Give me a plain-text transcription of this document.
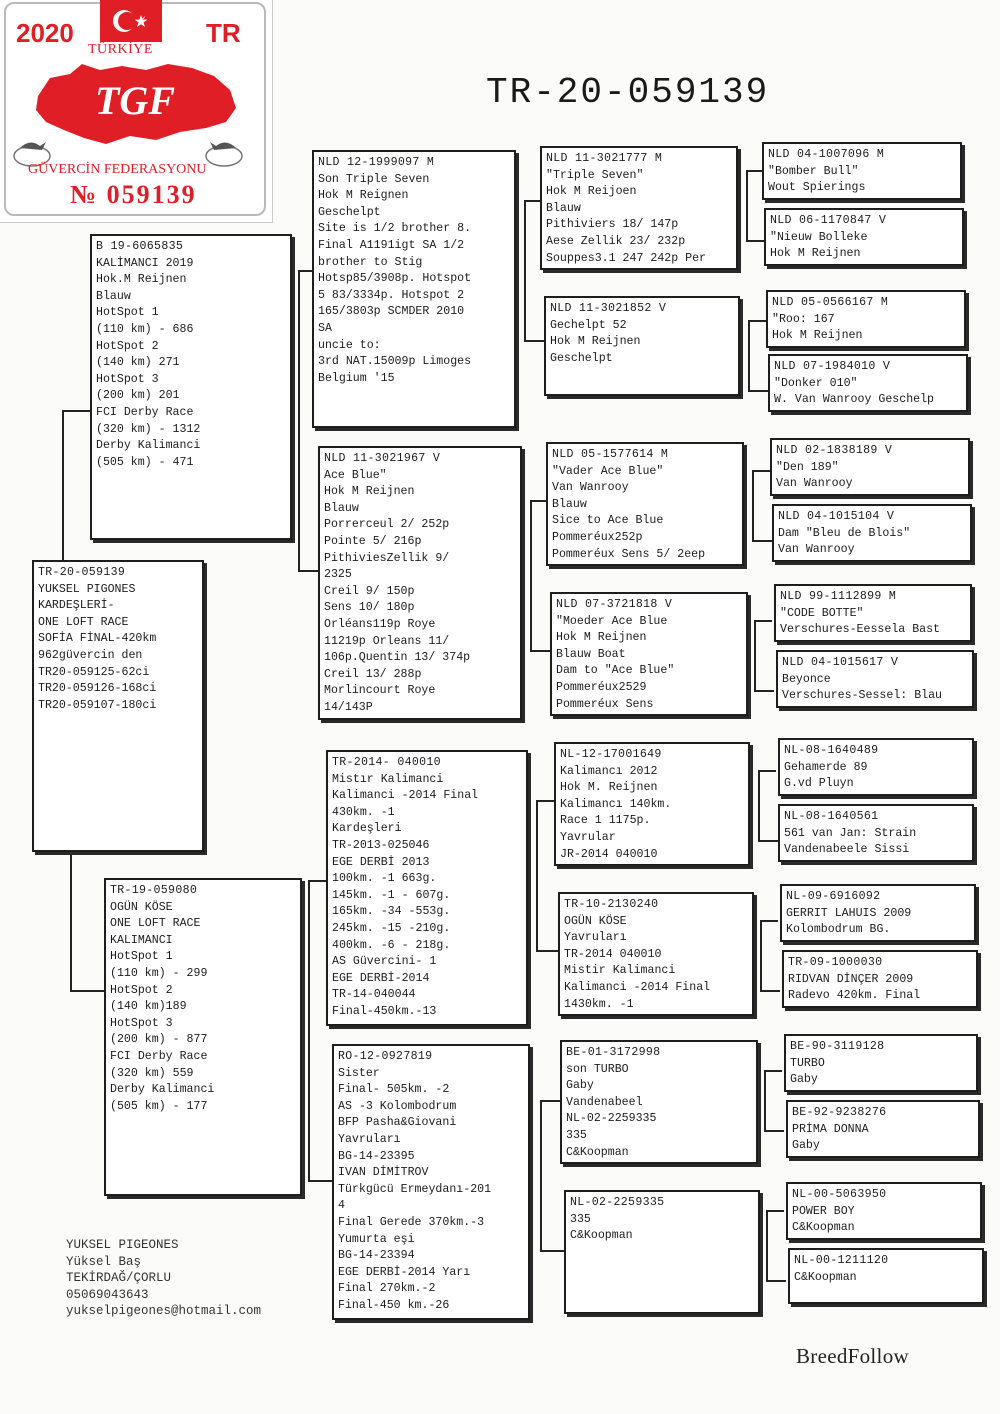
2020	TR
TÜRKİYE
TGF
GÜVERCİN FEDERASYONU
№ 059139
TR-20-059139
TR-20-059139
YUKSEL PIGONES
KARDEŞLERİ-
ONE LOFT RACE
SOFİA FİNAL-420km
962güvercin den
TR20-059125-62ci
TR20-059126-168ci
TR20-059107-180ci
B 19-6065835
KALİMANCI 2019
Hok.M Reijnen
Blauw
HotSpot 1
(110 km) - 686
HotSpot 2
(140 km) 271
HotSpot 3
(200 km) 201
FCI Derby Race
(320 km) - 1312
Derby Kalimanci
(505 km) - 471
TR-19-059080
OGÜN KÖSE
ONE LOFT RACE
KALIMANCI
HotSpot 1
(110 km) - 299
HotSpot 2
(140 km)189
HotSpot 3
(200 km) - 877
FCI Derby Race
(320 km) 559
Derby Kalimanci
(505 km) - 177
NLD 12-1999097 M
Son Triple Seven
Hok M Reignen
Geschelpt
Site is 1/2 brother 8.
Final A1191igt SA 1/2
brother to Stig
Hotsp85/3908p. Hotspot
5 83/3334p. Hotspot 2
165/3803p SCMDER 2010
SA
uncie to:
3rd NAT.15009p Limoges
Belgium '15
NLD 11-3021967 V
Ace Blue"
Hok M Reijnen
Blauw
Porrerceul 2/ 252p
Pointe 5/ 216p
PithiviesZellik 9/
2325
Creil 9/ 150p
Sens 10/ 180p
Orléans119p Roye
11219p Orleans 11/
106p.Quentin 13/ 374p
Creil 13/ 288p
Morlincourt Roye
14/143P
TR-2014- 040010
Mistır Kalimanci
Kalimanci -2014 Final
430km. -1
Kardeşleri
TR-2013-025046
EGE DERBİ 2013
100km. -1 663g.
145km. -1 - 607g.
165km. -34 -553g.
245km. -15 -210g.
400km. -6 - 218g.
AS Güvercini- 1
EGE DERBİ-2014
TR-14-040044
Final-450km.-13
RO-12-0927819
Sister
Final- 505km. -2
AS -3 Kolombodrum
BFP Pasha&Giovani
Yavruları
BG-14-23395
IVAN DİMİTROV
Türkgücü Ermeydanı-201
4
Final Gerede 370km.-3
Yumurta eşi
BG-14-23394
EGE DERBİ-2014 Yarı
Final 270km.-2
Final-450 km.-26
NLD 11-3021777 M
"Triple Seven"
Hok M Reijoen
Blauw
Pithiviers 18/ 147p
Aese Zellik 23/ 232p
Souppes3.1 247 242p Per
NLD 11-3021852 V
Gechelpt 52
Hok M Reijnen
Geschelpt
NLD 05-1577614 M
"Vader Ace Blue"
Van Wanrooy
Blauw
Sice to Ace Blue
Pommeréux252p
Pommeréux Sens 5/ 2eep
NLD 07-3721818 V
"Moeder Ace Blue
Hok M Reijnen
Blauw Boat
Dam to "Ace Blue"
Pommeréux2529
Pommeréux Sens
NL-12-17001649
Kalimancı 2012
Hok M. Reijnen
Kalimancı 140km.
Race 1 1175p.
Yavrular
JR-2014 040010
TR-10-2130240
OGÜN KÖSE
Yavruları
TR-2014 040010
Mistir Kalimanci
Kalimanci -2014 Final
1430km. -1
BE-01-3172998
son TURBO
Gaby
Vandenabeel
NL-02-2259335
335
C&Koopman
NL-02-2259335
335
C&Koopman
NLD 04-1007096 M
"Bomber Bull"
Wout Spierings
NLD 06-1170847 V
"Nieuw Bolleke
Hok M Reijnen
NLD 05-0566167 M
"Roo: 167
Hok M Reijnen
NLD 07-1984010 V
"Donker 010"
W. Van Wanrooy Geschelp
NLD 02-1838189 V
"Den 189"
Van Wanrooy
NLD 04-1015104 V
Dam "Bleu de Blois"
Van Wanrooy
NLD 99-1112899 M
"CODE BOTTE"
Verschures-Eessela Bast
NLD 04-1015617 V
Beyonce
Verschures-Sessel: Blau
NL-08-1640489
Gehamerde 89
G.vd Pluyn
NL-08-1640561
561 van Jan: Strain
Vandenabeele Sissi
NL-09-6916092
GERRIT LAHUIS 2009
Kolombodrum BG.
TR-09-1000030
RIDVAN DİNÇER 2009
Radevo 420km. Final
BE-90-3119128
TURBO
Gaby
BE-92-9238276
PRİMA DONNA
Gaby
NL-00-5063950
POWER BOY
C&Koopman
NL-00-1211120
C&Koopman
YUKSEL PIGEONES
Yüksel Baş
TEKİRDAĞ/ÇORLU
05069043643
yukselpigeones@hotmail.com
BreedFollow
